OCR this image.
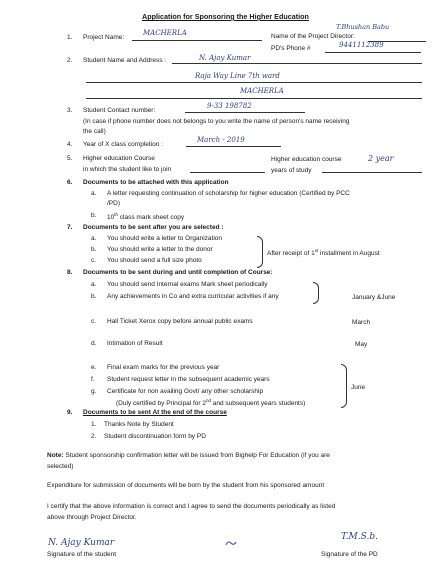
Application for Sponsoring the Higher Education
T.Bhushan Babu
Name of the Project Director:
PD's Phone #	9441112389
1. Project Name:
MACHERLA
2. Student Name and Address :	N. Ajay Kumar
Raja Way Line 7th ward
MACHERLA
3. Student Contact number:
9-33 198782
(In case if phone number does not belongs to you write the name of person's name receiving
the call)
4. Year of X class completion :
March - 2019
5. Higher education Course
in which the student like to join
Higher education course
years of study
2 year
6. Documents to be attached with this application
a. A letter requesting continuation of scholarship for higher education (Certified by PCC
/PD)
b. 10th class mark sheet copy
7. Documents to be sent after you are selected :
a. You should write a letter to Organization
b. You should write a letter to the donor
c. You should send a full size photo
After receipt of 1st installment in August
8. Documents to be sent during and until completion of Course:
a. You should send Internal exams Mark sheet periodically
b. Any achievements in Co and extra curricular activities if any	January &June
c. Hall Ticket Xerox copy before annual public exams	March
d. Intimation of Result	May
e. Final exam marks for the previous year
f. Student request letter in the subsequent academic years
g. Certificate for non availing Govt/ any other scholarship
(Duly certified by Principal for 2nd and subsequent years students)
June
9. Documents to be sent At the end of the course
1. Thanks Note by Student
2. Student discontinuation form by PD
Note: Student sponsorship confirmation letter will be issued from Bighelp For Education (if you are
selected)
Expenditure for submission of documents will be born by the student from his sponsored amount
I certify that the above information is correct and I agree to send the documents periodically as listed
above through Project Director.
N. Ajay Kumar
Signature of the student
T.M.S.b.
Signature of the PD
